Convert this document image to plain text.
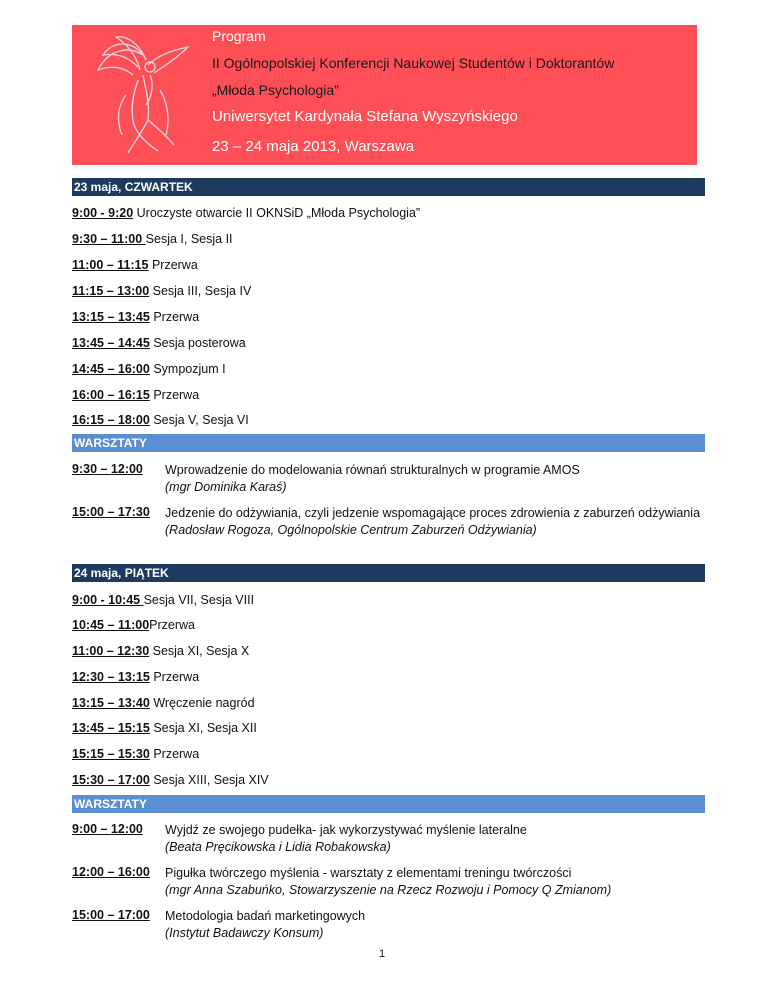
Program
II Ogólnopolskiej Konferencji Naukowej Studentów i Doktorantów
„Młoda Psychologia”
Uniwersytet Kardynała Stefana Wyszyńskiego
23 – 24 maja 2013, Warszawa
23 maja, CZWARTEK
9:00 - 9:20 Uroczyste otwarcie II OKNSiD „Młoda Psychologia”
9:30 – 11:00 Sesja I, Sesja II
11:00 – 11:15 Przerwa
11:15 – 13:00 Sesja III, Sesja IV
13:15 – 13:45 Przerwa
13:45 – 14:45 Sesja posterowa
14:45 – 16:00 Sympozjum I
16:00 – 16:15 Przerwa
16:15 – 18:00 Sesja V, Sesja VI
WARSZTATY
9:30 – 12:00 Wprowadzenie do modelowania równań strukturalnych w programie AMOS
(mgr Dominika Karaś)
15:00 – 17:30 Jedzenie do odżywiania, czyli jedzenie wspomagające proces zdrowienia z zaburzeń odżywiania
(Radosław Rogoza, Ogólnopolskie Centrum Zaburzeń Odżywiania)
24 maja, PIĄTEK
9:00 - 10:45 Sesja VII, Sesja VIII
10:45 – 11:00Przerwa
11:00 – 12:30 Sesja XI, Sesja X
12:30 – 13:15 Przerwa
13:15 – 13:40 Wręczenie nagród
13:45 – 15:15 Sesja XI, Sesja XII
15:15 – 15:30 Przerwa
15:30 – 17:00 Sesja XIII, Sesja XIV
WARSZTATY
9:00 – 12:00 Wyjdź ze swojego pudełka- jak wykorzystywać myślenie lateralne
(Beata Pręcikowska i Lidia Robakowska)
12:00 – 16:00 Pigułka twórczego myślenia - warsztaty z elementami treningu twórczości
(mgr Anna Szabuńko, Stowarzyszenie na Rzecz Rozwoju i Pomocy Q Zmianom)
15:00 – 17:00 Metodologia badań marketingowych
(Instytut Badawczy Konsum)
1
